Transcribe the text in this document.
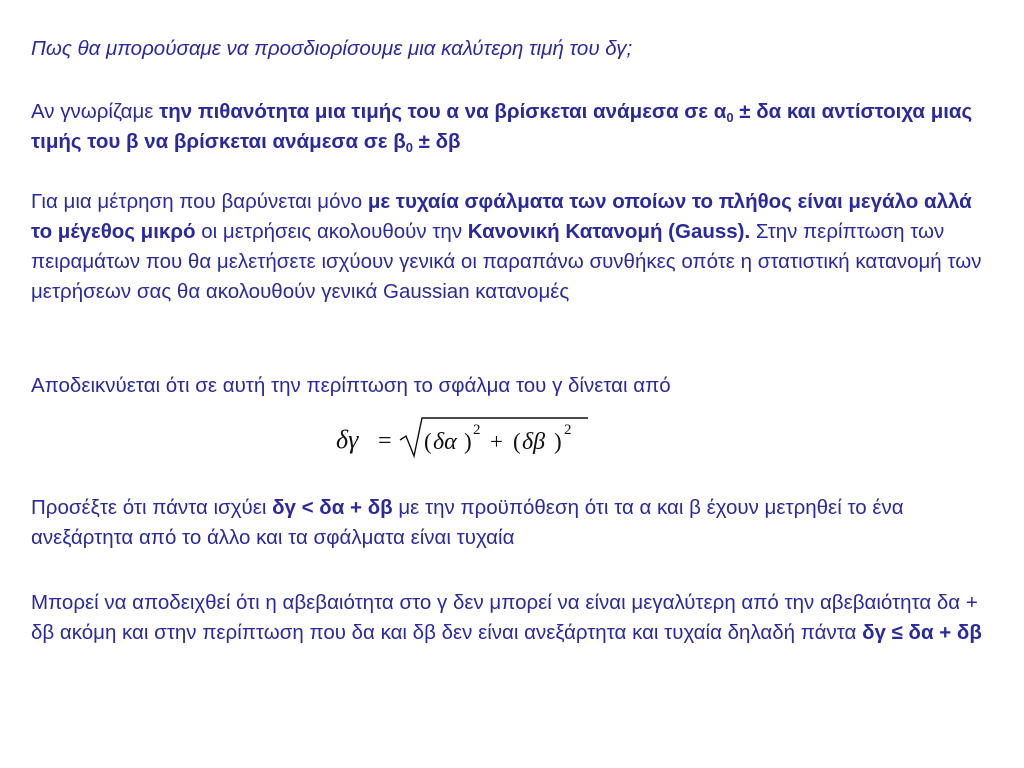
Πως θα μπορούσαμε να προσδιορίσουμε μια καλύτερη τιμή του δγ;
Αν γνωρίζαμε την πιθανότητα μια τιμής του α να βρίσκεται ανάμεσα σε $\alpha_0 \pm \delta\alpha$ και αντίστοιχα μιας τιμής του β να βρίσκεται ανάμεσα σε $\beta_0 \pm \delta\beta$
Για μια μέτρηση που βαρύνεται μόνο με τυχαία σφάλματα των οποίων το πλήθος είναι μεγάλο αλλά το μέγεθος μικρό οι μετρήσεις ακολουθούν την Κανονική Κατανομή (Gauss). Στην περίπτωση των πειραμάτων που θα μελετήσετε ισχύουν γενικά οι παραπάνω συνθήκες οπότε η στατιστική κατανομή των μετρήσεων σας θα ακολουθούν γενικά Gaussian κατανομές
Αποδεικνύεται ότι σε αυτή την περίπτωση το σφάλμα του γ δίνεται από
δγ = ( δα ) 2 + ( δβ ) 2
Προσέξτε ότι πάντα ισχύει δγ < δα + δβ με την προϋπόθεση ότι τα α και β έχουν μετρηθεί το ένα ανεξάρτητα από το άλλο και τα σφάλματα είναι τυχαία
Μπορεί να αποδειχθεί ότι η αβεβαιότητα στο γ δεν μπορεί να είναι μεγαλύτερη από την αβεβαιότητα δα + δβ ακόμη και στην περίπτωση που δα και δβ δεν είναι ανεξάρτητα και τυχαία δηλαδή πάντα δγ ≤ δα + δβ
